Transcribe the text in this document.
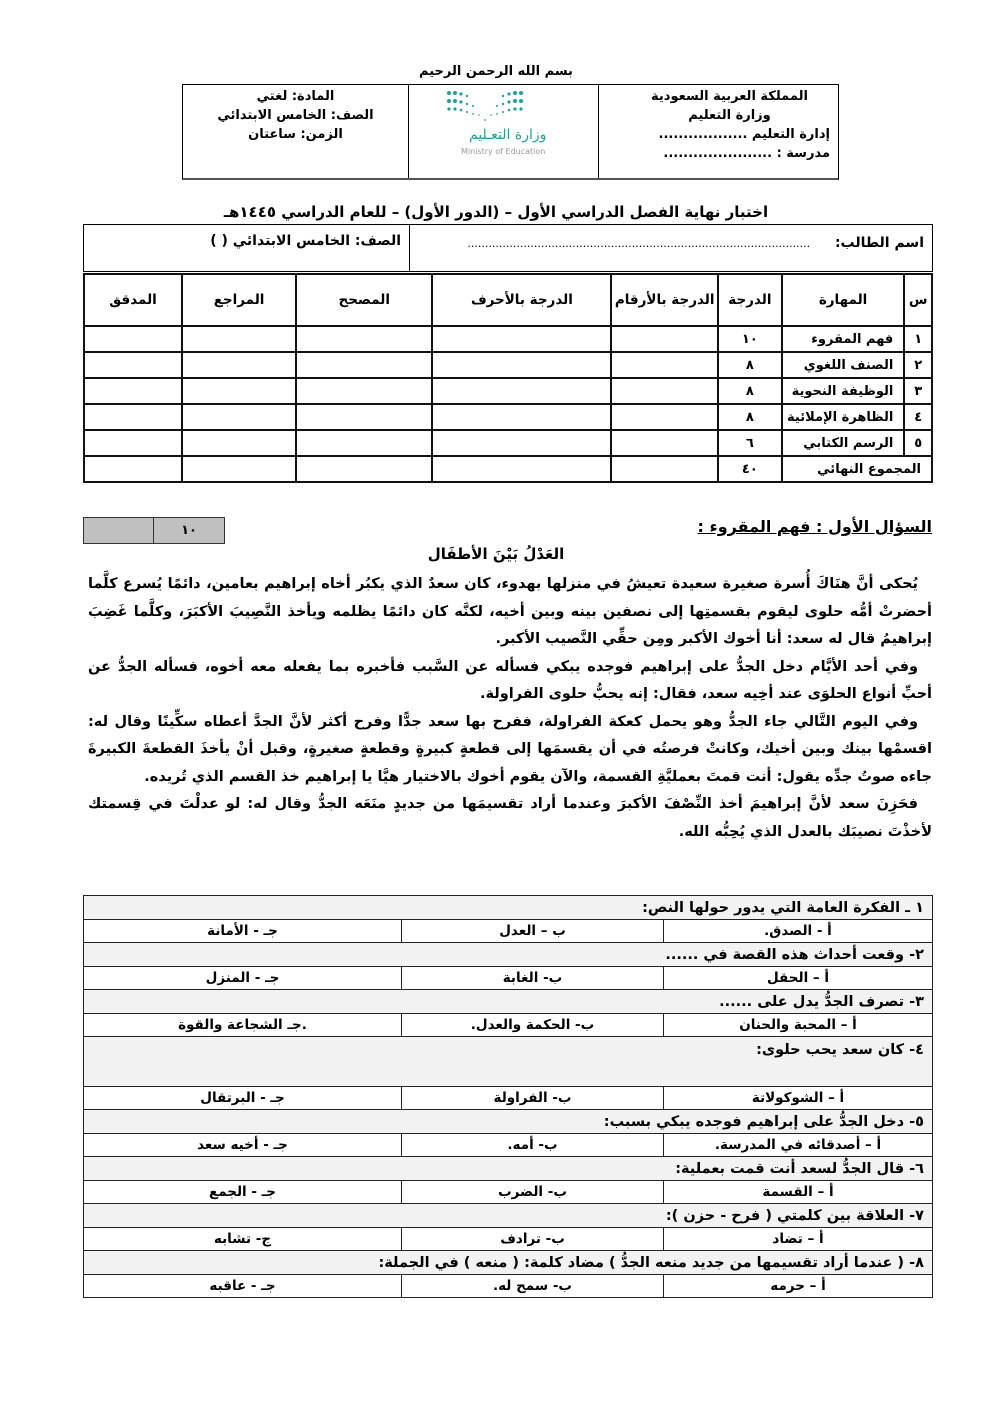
بسم الله الرحمن الرحيم
المملكة العربية السعودية
وزارة التعليم
إدارة التعليم ..................
مدرسة : ......................
وزارة التعـليم
Ministry of Education
المادة: لغتي
الصف: الخامس الابتدائي
الزمن: ساعتان
اختبار نهاية الفصل الدراسي الأول – (الدور الأول) – للعام الدراسي ١٤٤٥هـ
اسم الطالب: ..................................................................................................
الصف: الخامس الابتدائي ( )
س	المهارة	الدرجة	الدرجة بالأرقام	الدرجة بالأحرف	المصحح	المراجع	المدقق
١	فهم المقروء	١٠					
٢	الصنف اللغوي	٨					
٣	الوظيفة النحوية	٨					
٤	الظاهرة الإملائية	٨					
٥	الرسم الكتابي	٦					
المجموع النهائي		٤٠					
السؤال الأول : فهم المقروء :
١٠
العَدْلُ بَيْنَ الأطفَال

يُحكى أنَّ هنَاكَ أُسرة صغيرة سعيدة تعيشُ في منزلها بهدوء، كان سعدٌ الذي يكبُر أخاه إبراهيم بعامين، دائمًا يُسرع كلَّما أحضرتْ أمُّه حلوى ليقوم بقسمتِها إلى نصفين بينه وبين أخيه، لكنَّه كان دائمًا يظلمه ويأخذ النَّصِيبَ الأكبَرَ، وكلَّما غَضِبَ إبراهيمُ قال له سعد: أنا أخوك الأكبر ومِن حقِّي النَّصيب الأكبر.

وفي أحد الأيَّام دخل الجدُّ على إبراهيم فوجده يبكي فسأله عن السَّبب فأخبره بما يفعله معه أخوه، فسأله الجدُّ عن أحبِّ أنواع الحلوَى عند أخِيه سعد، فقال: إنه يحبُّ حلوى الفراولة.

وفي اليوم التَّالي جاء الجدُّ وهو يحمل كعكة الفراولة، ففرح بها سعد جدًّا وفرح أكثر لأنَّ الجدَّ أعطاه سكِّينًا وقال له: اقسمْها بينك وبين أخيك، وكانتْ فرصتُه في أن يقسمَها إلى قطعةٍ كبيرةٍ وقطعةٍ صغيرةٍ، وقبل أنْ يأخذَ القطعةَ الكبيرةَ جاءه صوتُ جدِّه يقول: أنت قمتَ بعمليَّةِ القسمة، والآن يقوم أخوك بالاختيار هيَّا يا إبراهيم خذ القسم الذي تُريده.

فحَزِنَ سعد لأنَّ إبراهيمَ أخذ النِّصْفَ الأكبرَ وعندما أراد تقسيمَها من جديدٍ منَعَه الجدُّ وقال له: لو عدلْتَ في قِسمتك لأخذْتَ نصيبَك بالعدل الذي يُحِبُّه الله.

١ ـ الفكرة العامة التي يدور حولها النص:		
أ - الصدق.	ب – العدل	جـ - الأمانة
٢- وقعت أحداث هذه القصة في ......		
أ – الحقل	ب- الغابة	جـ - المنزل
٣- تصرف الجدُّ يدل على ......		
أ – المحبة والحنان	ب- الحكمة والعدل.	.جـ الشجاعة والقوة
٤- كان سعد يحب حلوى:		
أ – الشوكولاتة	ب- الفراولة	جـ - البرتقال
٥- دخل الجدُّ على إبراهيم فوجده يبكي بسبب:		
أ – أصدقائه في المدرسة.	ب- أمه.	جـ - أخيه سعد
٦- قال الجدُّ لسعد أنت قمت بعملية:		
أ – القسمة	ب- الضرب	جـ - الجمع
٧- العلاقة بين كلمتي ( فرح - حزن ):		
أ – تضاد	ب- ترادف	ج- تشابه
٨- ( عندما أراد تقسيمها من جديد منعه الجدُّ ) مضاد كلمة: ( منعه ) في الجملة:		
أ – حرمه	ب- سمح له.	جـ - عاقبه
